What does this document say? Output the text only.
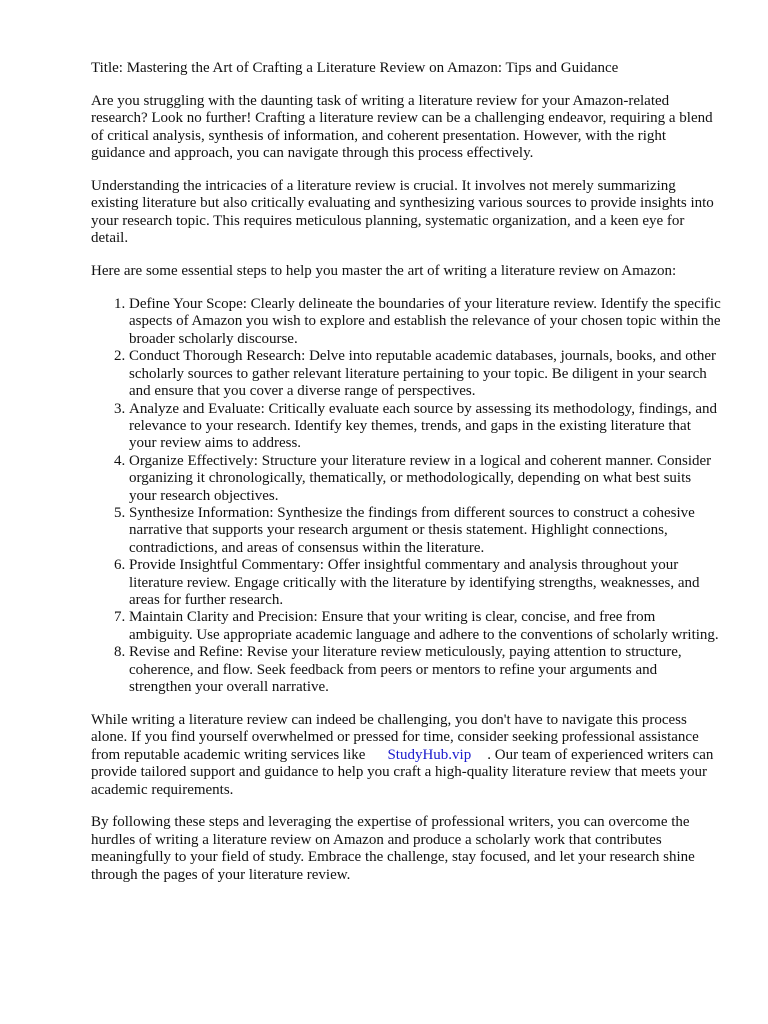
Title: Mastering the Art of Crafting a Literature Review on Amazon: Tips and Guidance

Are you struggling with the daunting task of writing a literature review for your Amazon-related research? Look no further! Crafting a literature review can be a challenging endeavor, requiring a blend of critical analysis, synthesis of information, and coherent presentation. However, with the right guidance and approach, you can navigate through this process effectively.

Understanding the intricacies of a literature review is crucial. It involves not merely summarizing existing literature but also critically evaluating and synthesizing various sources to provide insights into your research topic. This requires meticulous planning, systematic organization, and a keen eye for detail.

Here are some essential steps to help you master the art of writing a literature review on Amazon:

1. Define Your Scope: Clearly delineate the boundaries of your literature review. Identify the specific aspects of Amazon you wish to explore and establish the relevance of your chosen topic within the broader scholarly discourse.
2. Conduct Thorough Research: Delve into reputable academic databases, journals, books, and other scholarly sources to gather relevant literature pertaining to your topic. Be diligent in your search and ensure that you cover a diverse range of perspectives.
3. Analyze and Evaluate: Critically evaluate each source by assessing its methodology, findings, and relevance to your research. Identify key themes, trends, and gaps in the existing literature that your review aims to address.
4. Organize Effectively: Structure your literature review in a logical and coherent manner. Consider organizing it chronologically, thematically, or methodologically, depending on what best suits your research objectives.
5. Synthesize Information: Synthesize the findings from different sources to construct a cohesive narrative that supports your research argument or thesis statement. Highlight connections, contradictions, and areas of consensus within the literature.
6. Provide Insightful Commentary: Offer insightful commentary and analysis throughout your literature review. Engage critically with the literature by identifying strengths, weaknesses, and areas for further research.
7. Maintain Clarity and Precision: Ensure that your writing is clear, concise, and free from ambiguity. Use appropriate academic language and adhere to the conventions of scholarly writing.
8. Revise and Refine: Revise your literature review meticulously, paying attention to structure, coherence, and flow. Seek feedback from peers or mentors to refine your arguments and strengthen your overall narrative.

While writing a literature review can indeed be challenging, you don't have to navigate this process alone. If you find yourself overwhelmed or pressed for time, consider seeking professional assistance from reputable academic writing services like StudyHub.vip . Our team of experienced writers can provide tailored support and guidance to help you craft a high-quality literature review that meets your academic requirements.

By following these steps and leveraging the expertise of professional writers, you can overcome the hurdles of writing a literature review on Amazon and produce a scholarly work that contributes meaningfully to your field of study. Embrace the challenge, stay focused, and let your research shine through the pages of your literature review.
